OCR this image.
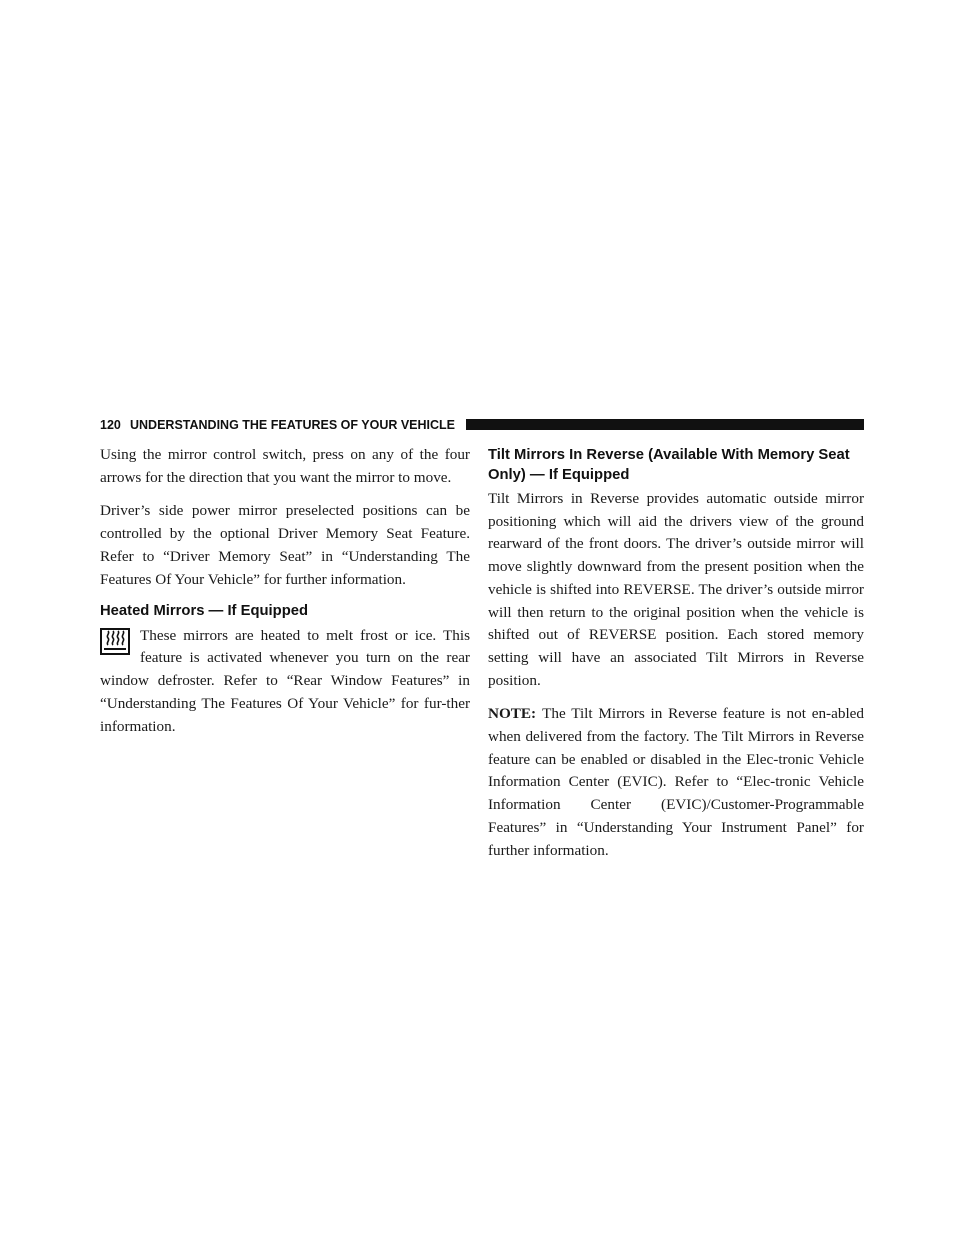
120 UNDERSTANDING THE FEATURES OF YOUR VEHICLE

Using the mirror control switch, press on any of the four arrows for the direction that you want the mirror to move.

Driver’s side power mirror preselected positions can be controlled by the optional Driver Memory Seat Feature. Refer to “Driver Memory Seat” in “Understanding The Features Of Your Vehicle” for further information.

Heated Mirrors — If Equipped

These mirrors are heated to melt frost or ice. This feature is activated whenever you turn on the rear window defroster. Refer to “Rear Window Features” in “Understanding The Features Of Your Vehicle” for fur-ther information.

Tilt Mirrors In Reverse (Available With Memory Seat Only) — If Equipped

Tilt Mirrors in Reverse provides automatic outside mirror positioning which will aid the drivers view of the ground rearward of the front doors. The driver’s outside mirror will move slightly downward from the present position when the vehicle is shifted into REVERSE. The driver’s outside mirror will then return to the original position when the vehicle is shifted out of REVERSE position. Each stored memory setting will have an associated Tilt Mirrors in Reverse position.

NOTE: The Tilt Mirrors in Reverse feature is not en-abled when delivered from the factory. The Tilt Mirrors in Reverse feature can be enabled or disabled in the Elec-tronic Vehicle Information Center (EVIC). Refer to “Elec-tronic Vehicle Information Center (EVIC)/Customer-Programmable Features” in “Understanding Your Instrument Panel” for further information.
